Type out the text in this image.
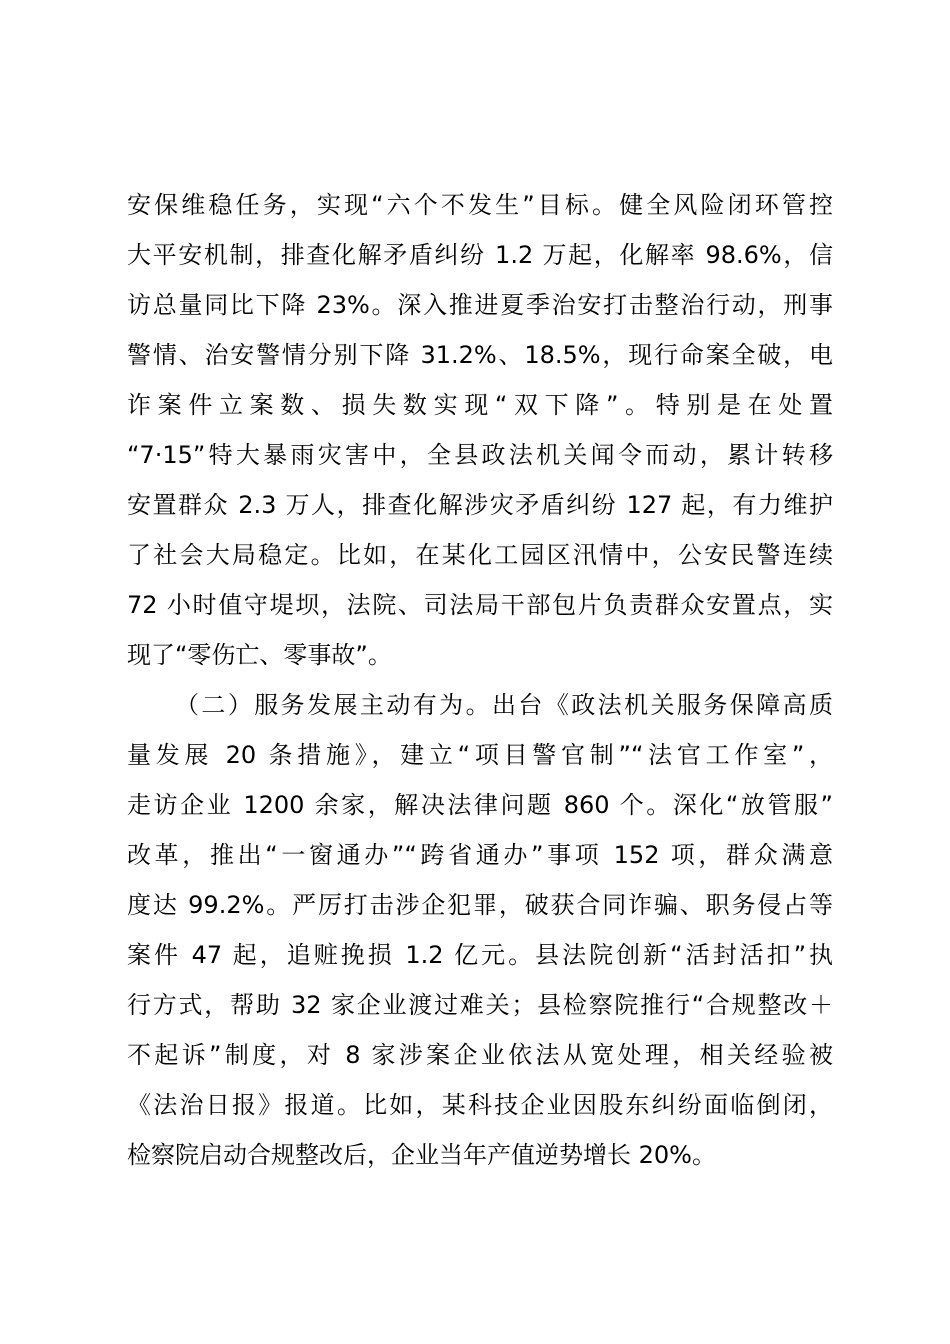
安保维稳任务，实现“六个不发生”目标。健全风险闭环管控
大平安机制，排查化解矛盾纠纷 1.2 万起，化解率 98.6%，信
访总量同比下降 23%。深入推进夏季治安打击整治行动，刑事
警情、治安警情分别下降 31.2%、18.5%，现行命案全破，电
诈案件立案数、损失数实现“双下降”。特别是在处置
“7·15”特大暴雨灾害中，全县政法机关闻令而动，累计转移
安置群众 2.3 万人，排查化解涉灾矛盾纠纷 127 起，有力维护
了社会大局稳定。比如，在某化工园区汛情中，公安民警连续
72 小时值守堤坝，法院、司法局干部包片负责群众安置点，实
现了“零伤亡、零事故”。
（二）服务发展主动有为。出台《政法机关服务保障高质
量发展 20 条措施》，建立“项目警官制”“法官工作室”，
走访企业 1200 余家，解决法律问题 860 个。深化“放管服”
改革，推出“一窗通办”“跨省通办”事项 152 项，群众满意
度达 99.2%。严厉打击涉企犯罪，破获合同诈骗、职务侵占等
案件 47 起，追赃挽损 1.2 亿元。县法院创新“活封活扣”执
行方式，帮助 32 家企业渡过难关；县检察院推行“合规整改＋
不起诉”制度，对 8 家涉案企业依法从宽处理，相关经验被
《法治日报》报道。比如，某科技企业因股东纠纷面临倒闭，
检察院启动合规整改后，企业当年产值逆势增长 20%。
